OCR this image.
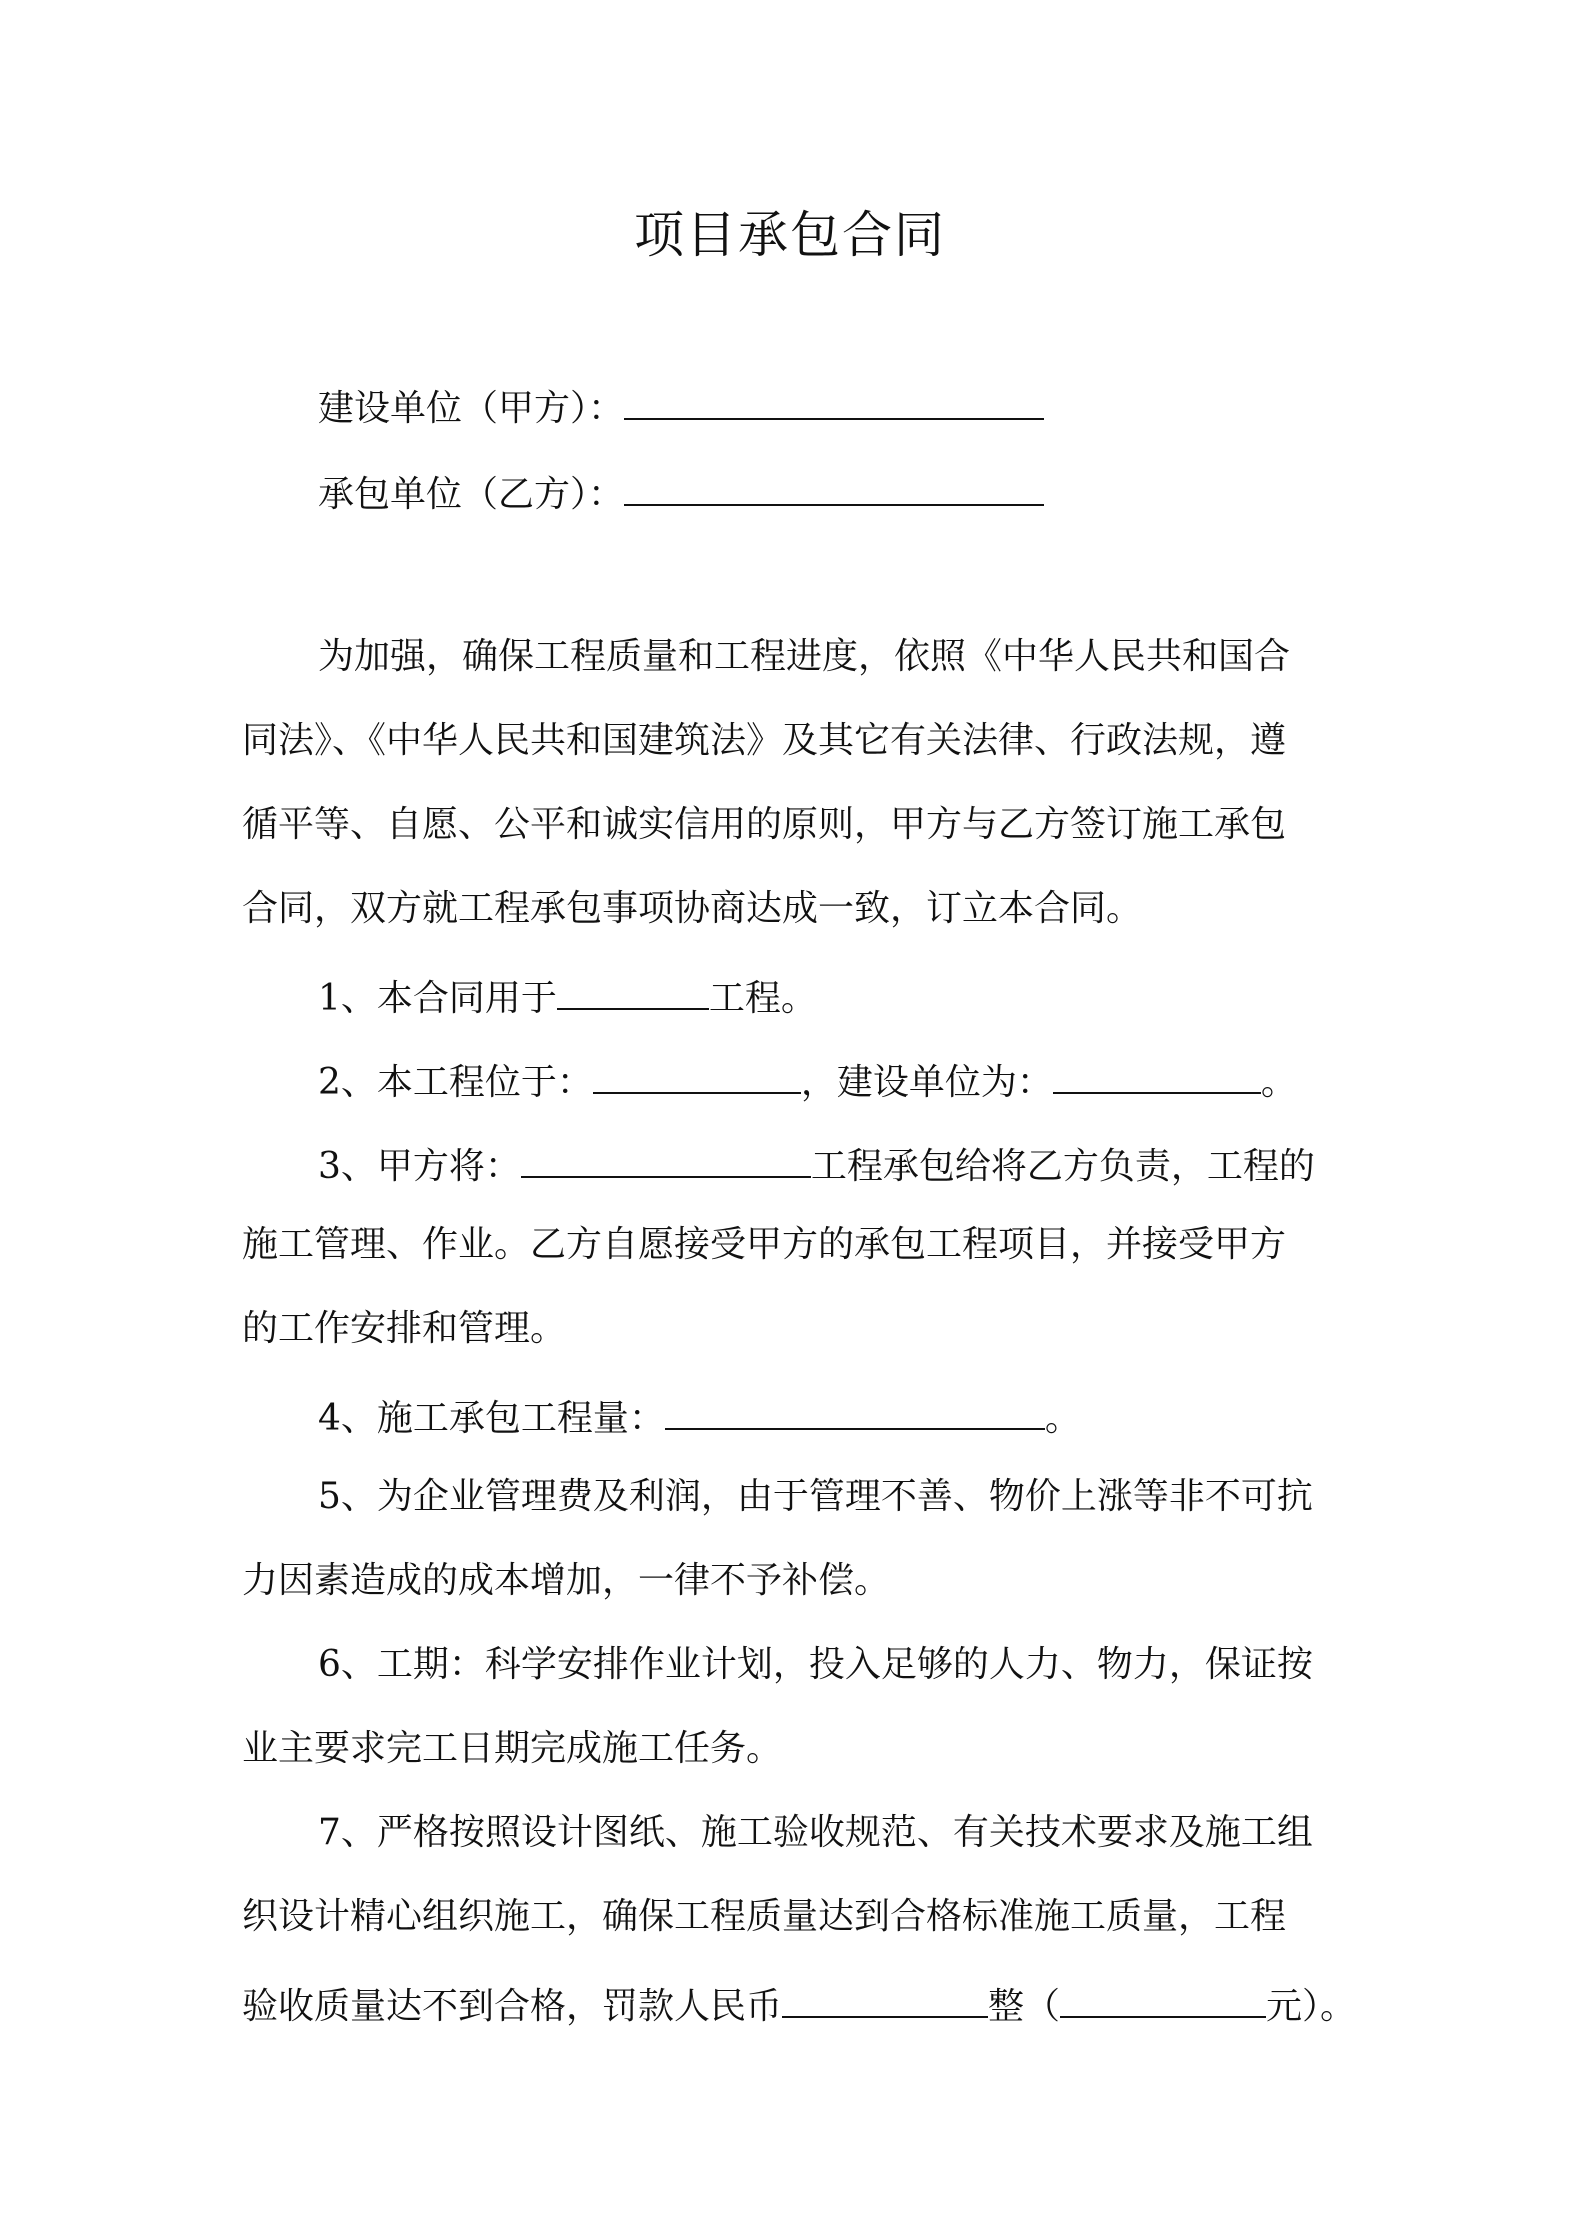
项目承包合同
建设单位（甲方）：
承包单位（乙方）：
为加强，确保工程质量和工程进度，依照《中华人民共和国合
同法》、《中华人民共和国建筑法》及其它有关法律、行政法规，遵
循平等、自愿、公平和诚实信用的原则，甲方与乙方签订施工承包
合同，双方就工程承包事项协商达成一致，订立本合同。
1、本合同用于	工程。
2、本工程位于：	，建设单位为：	。
3、甲方将：	工程承包给将乙方负责，工程的
施工管理、作业。乙方自愿接受甲方的承包工程项目，并接受甲方
的工作安排和管理。
4、施工承包工程量：	。
5、为企业管理费及利润，由于管理不善、物价上涨等非不可抗
力因素造成的成本增加，一律不予补偿。
6、工期：科学安排作业计划，投入足够的人力、物力，保证按
业主要求完工日期完成施工任务。
7、严格按照设计图纸、施工验收规范、有关技术要求及施工组
织设计精心组织施工，确保工程质量达到合格标准施工质量，工程
验收质量达不到合格，罚款人民币	整（	元）。
